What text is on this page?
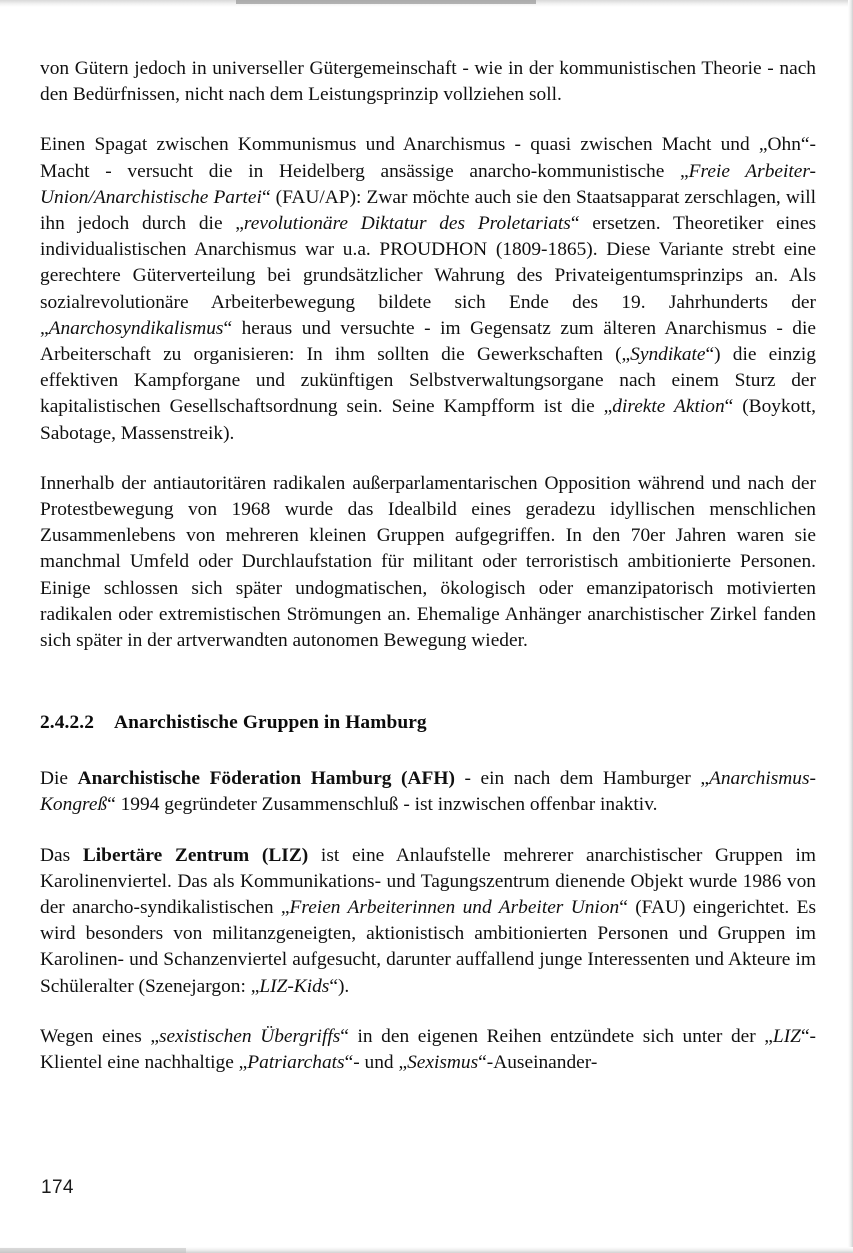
von Gütern jedoch in universeller Gütergemeinschaft - wie in der kommunistischen Theorie - nach den Bedürfnissen, nicht nach dem Leistungsprinzip vollziehen soll.

Einen Spagat zwischen Kommunismus und Anarchismus - quasi zwischen Macht und „Ohn“-Macht - versucht die in Heidelberg ansässige anarcho-kommunistische „Freie Arbeiter-Union/Anarchistische Partei“ (FAU/AP): Zwar möchte auch sie den Staatsapparat zerschlagen, will ihn jedoch durch die „revolutionäre Diktatur des Proletariats“ ersetzen. Theoretiker eines individualistischen Anarchismus war u.a. PROUDHON (1809-1865). Diese Variante strebt eine gerechtere Güterverteilung bei grundsätzlicher Wahrung des Privateigentumsprinzips an. Als sozialrevolutionäre Arbeiterbewegung bildete sich Ende des 19. Jahrhunderts der „Anarchosyndikalismus“ heraus und versuchte - im Gegensatz zum älteren Anarchismus - die Arbeiterschaft zu organisieren: In ihm sollten die Gewerkschaften („Syndikate“) die einzig effektiven Kampforgane und zukünftigen Selbstverwaltungsorgane nach einem Sturz der kapitalistischen Gesellschaftsordnung sein. Seine Kampfform ist die „direkte Aktion“ (Boykott, Sabotage, Massenstreik).

Innerhalb der antiautoritären radikalen außerparlamentarischen Opposition während und nach der Protestbewegung von 1968 wurde das Idealbild eines geradezu idyllischen menschlichen Zusammenlebens von mehreren kleinen Gruppen aufgegriffen. In den 70er Jahren waren sie manchmal Umfeld oder Durchlaufstation für militant oder terroristisch ambitionierte Personen. Einige schlossen sich später undogmatischen, ökologisch oder emanzipatorisch motivierten radikalen oder extremistischen Strömungen an. Ehemalige Anhänger anarchistischer Zirkel fanden sich später in der artverwandten autonomen Bewegung wieder.

2.4.2.2 Anarchistische Gruppen in Hamburg

Die Anarchistische Föderation Hamburg (AFH) - ein nach dem Hamburger „Anarchismus-Kongreß“ 1994 gegründeter Zusammenschluß - ist inzwischen offenbar inaktiv.

Das Libertäre Zentrum (LIZ) ist eine Anlaufstelle mehrerer anarchistischer Gruppen im Karolinenviertel. Das als Kommunikations- und Tagungszentrum dienende Objekt wurde 1986 von der anarcho-syndikalistischen „Freien Arbeiterinnen und Arbeiter Union“ (FAU) eingerichtet. Es wird besonders von militanzgeneigten, aktionistisch ambitionierten Personen und Gruppen im Karolinen- und Schanzenviertel aufgesucht, darunter auffallend junge Interessenten und Akteure im Schüleralter (Szenejargon: „LIZ-Kids“).

Wegen eines „sexistischen Übergriffs“ in den eigenen Reihen entzündete sich unter der „LIZ“-Klientel eine nachhaltige „Patriarchats“- und „Sexismus“-Auseinander-

174
